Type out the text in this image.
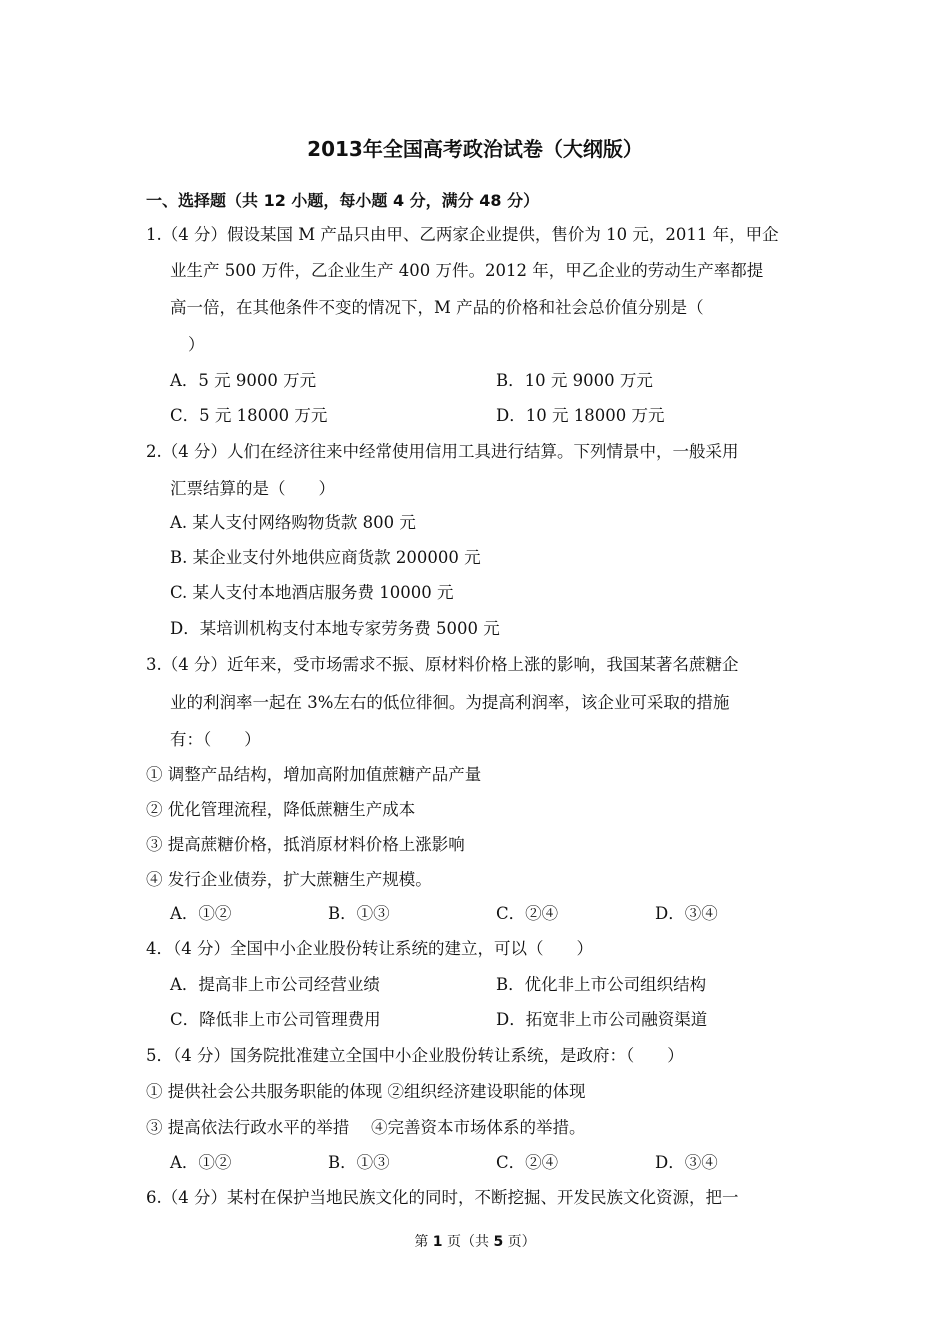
2013年全国高考政治试卷（大纲版）
一、选择题（共 12 小题，每小题 4 分，满分 48 分）
1.（4 分）假设某国 M 产品只由甲、乙两家企业提供，售价为 10 元，2011 年，甲企
业生产 500 万件，乙企业生产 400 万件。2012 年，甲乙企业的劳动生产率都提
高一倍，在其他条件不变的情况下，M 产品的价格和社会总价值分别是（
）
A．5 元 9000 万元	B．10 元 9000 万元
C．5 元 18000 万元	D．10 元 18000 万元
2.（4 分）人们在经济往来中经常使用信用工具进行结算。下列情景中，一般采用
汇票结算的是（　　）
A. 某人支付网络购物货款 800 元
B. 某企业支付外地供应商货款 200000 元
C. 某人支付本地酒店服务费 10000 元
D．某培训机构支付本地专家劳务费 5000 元
3.（4 分）近年来，受市场需求不振、原材料价格上涨的影响，我国某著名蔗糖企
业的利润率一起在 3%左右的低位徘徊。为提高利润率，该企业可采取的措施
有：（　　）
① 调整产品结构，增加高附加值蔗糖产品产量
② 优化管理流程，降低蔗糖生产成本
③ 提高蔗糖价格，抵消原材料价格上涨影响
④ 发行企业债券，扩大蔗糖生产规模。
A．①②	B．①③	C．②④	D．③④
4．（4 分）全国中小企业股份转让系统的建立，可以（　　）
A．提高非上市公司经营业绩	B．优化非上市公司组织结构
C．降低非上市公司管理费用	D．拓宽非上市公司融资渠道
5．（4 分）国务院批准建立全国中小企业股份转让系统，是政府：（　　）
① 提供社会公共服务职能的体现 ②组织经济建设职能的体现
③ 提高依法行政水平的举措　 ④完善资本市场体系的举措。
A．①②	B．①③	C．②④	D．③④
6.（4 分）某村在保护当地民族文化的同时，不断挖掘、开发民族文化资源，把一
第 1 页（共 5 页）
